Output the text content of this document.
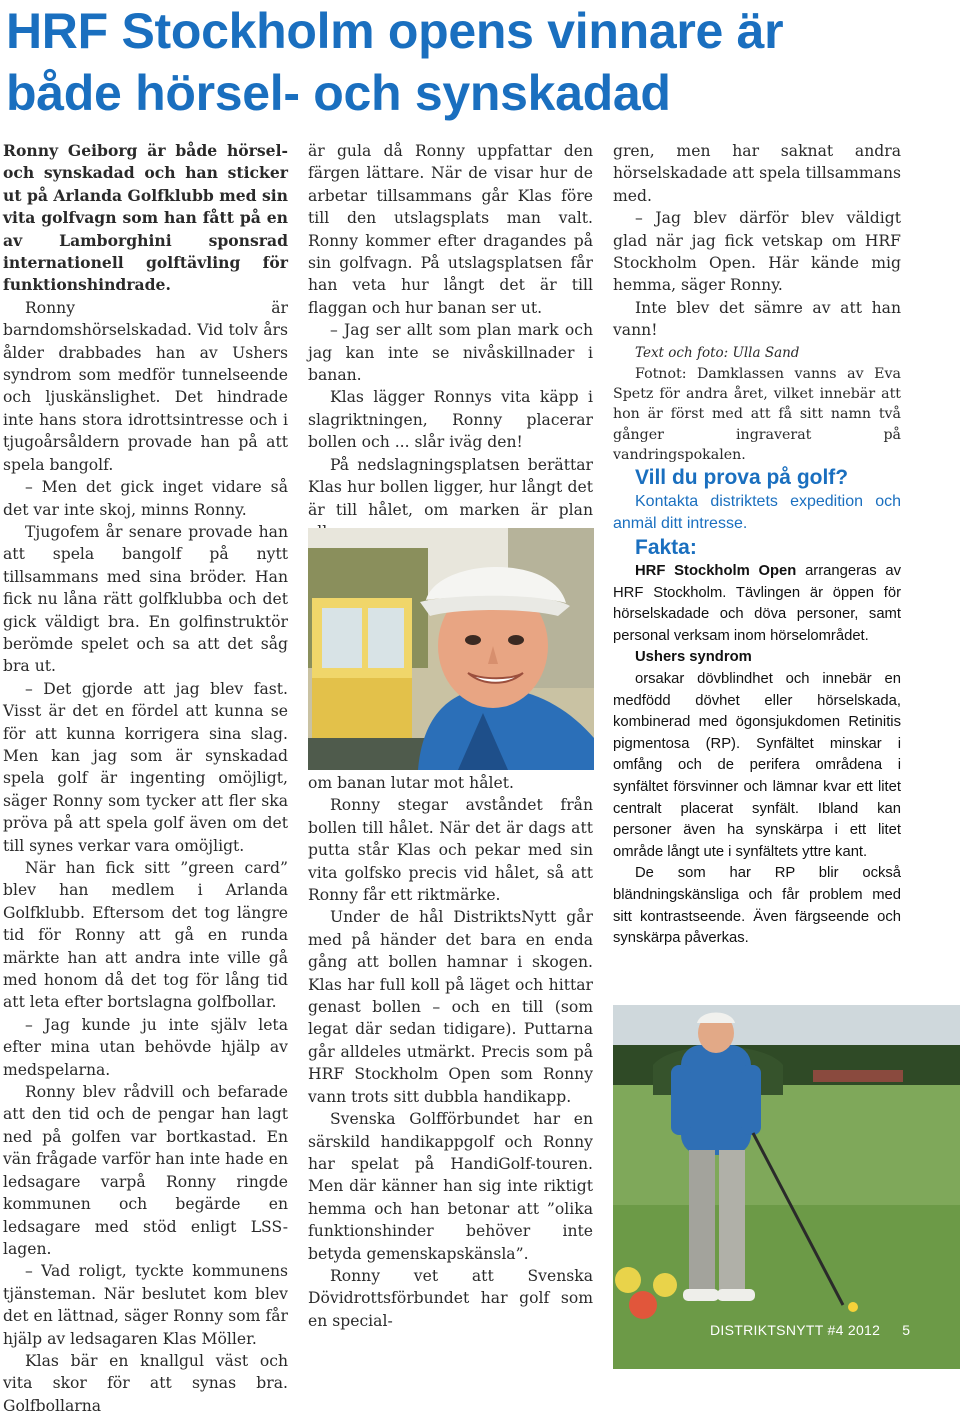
HRF Stockholm opens vinnare är
både hörsel- och synskadad

Ronny Geiborg är både hörsel- och synskadad och han sticker ut på Arlanda Golfklubb med sin vita golfvagn som han fått på en av Lamborghini sponsrad internationell golftävling för funktionshindrade.

Ronny är barndomshörselskadad. Vid tolv års ålder drabbades han av Ushers syndrom som medför tunnelseende och ljuskänslighet. Det hindrade inte hans stora idrottsintresse och i tjugoårsåldern provade han på att spela bangolf.

– Men det gick inget vidare så det var inte skoj, minns Ronny.

Tjugofem år senare provade han att spela bangolf på nytt tillsammans med sina bröder. Han fick nu låna rätt golfklubba och det gick väldigt bra. En golfinstruktör berömde spelet och sa att det såg bra ut.

– Det gjorde att jag blev fast. Visst är det en fördel att kunna se för att kunna korrigera sina slag. Men kan jag som är synskadad spela golf är ingenting omöjligt, säger Ronny som tycker att fler ska pröva på att spela golf även om det till synes verkar vara omöjligt.

När han fick sitt ”green card” blev han medlem i Arlanda Golfklubb. Eftersom det tog längre tid för Ronny att gå en runda märkte han att andra inte ville gå med honom då det tog för lång tid att leta efter bortslagna golfbollar.

– Jag kunde ju inte själv leta efter mina utan behövde hjälp av medspelarna.

Ronny blev rådvill och befarade att den tid och de pengar han lagt ned på golfen var bortkastad. En vän frågade varför han inte hade en ledsagare varpå Ronny ringde kommunen och begärde en ledsagare med stöd enligt LSS-lagen.

– Vad roligt, tyckte kommunens tjänsteman. När beslutet kom blev det en lättnad, säger Ronny som får hjälp av ledsagaren Klas Möller.

Klas bär en knallgul väst och vita skor för att synas bra. Golfbollarna

är gula då Ronny uppfattar den färgen lättare. När de visar hur de arbetar tillsammans går Klas före till den utslagsplats man valt. Ronny kommer efter dragandes på sin golfvagn. På utslagsplatsen får han veta hur långt det är till flaggan och hur banan ser ut.

– Jag ser allt som plan mark och jag kan inte se nivåskillnader i banan.

Klas lägger Ronnys vita käpp i slagriktningen, Ronny placerar bollen och ... slår iväg den!

På nedslagningsplatsen berättar Klas hur bollen ligger, hur långt det är till hålet, om marken är plan

om banan lutar mot hålet.

Ronny stegar avståndet från bollen till hålet. När det är dags att putta står Klas och pekar med sin vita golfsko precis vid hålet, så att Ronny får ett riktmärke.

Under de hål DistriktsNytt går med på händer det bara en enda gång att bollen hamnar i skogen. Klas har full koll på läget och hittar genast bollen – och en till (som legat där sedan tidigare). Puttarna går alldeles utmärkt. Precis som på HRF Stockholm Open som Ronny vann trots sitt dubbla handikapp.

Svenska Golfförbundet har en särskild handikappgolf och Ronny har spelat på HandiGolf-touren. Men där känner han sig inte riktigt hemma och han betonar att ”olika funktionshinder behöver inte betyda gemenskapskänsla”.

Ronny vet att Svenska Dövidrottsförbundet har golf som en special-

gren, men har saknat andra hörselskadade att spela tillsammans med.

– Jag blev därför blev väldigt glad när jag fick vetskap om HRF Stockholm Open. Här kände mig hemma, säger Ronny.

Inte blev det sämre av att han vann!

Text och foto: Ulla Sand

Fotnot: Damklassen vanns av Eva Spetz för andra året, vilket innebär att hon är först med att få sitt namn två gånger ingraverat på vandringspokalen.

Vill du prova på golf?

Kontakta distriktets expedition och anmäl ditt intresse.

Fakta:

HRF Stockholm Open arrangeras av HRF Stockholm. Tävlingen är öppen för hörselskadade och döva personer, samt personal verksam inom hörselområdet.

Ushers syndrom

orsakar dövblindhet och innebär en medfödd dövhet eller hörselskada, kombinerad med ögonsjukdomen Retinitis pigmentosa (RP). Synfältet minskar i omfång och de perifera områdena i synfältet försvinner och lämnar kvar ett litet centralt placerat synfält. Ibland kan personer även ha synskärpa i ett litet område långt ute i synfältets yttre kant.

De som har RP blir också bländningskänsliga och får problem med sitt kontrastseende. Även färgseende och synskärpa påverkas.

DISTRIKTSNYTT #4 2012 5
